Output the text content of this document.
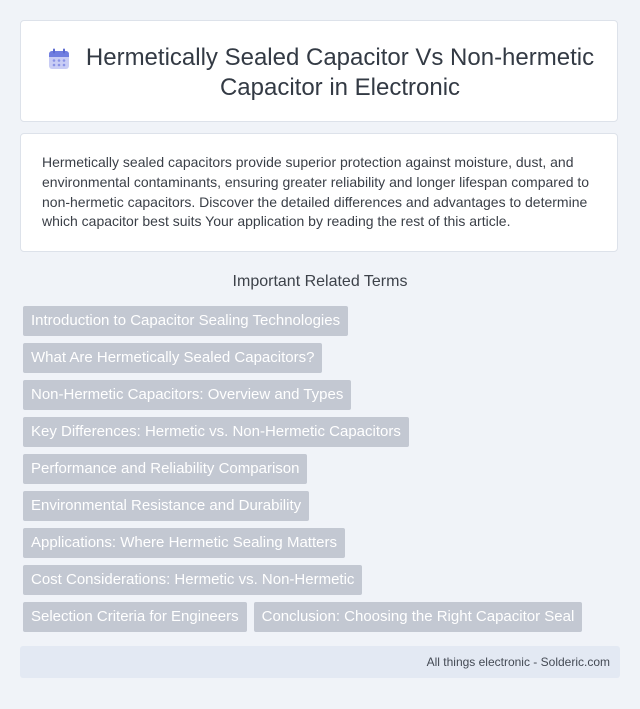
Hermetically Sealed Capacitor Vs Non-hermetic Capacitor in Electronic

Hermetically sealed capacitors provide superior protection against moisture, dust, and environmental contaminants, ensuring greater reliability and longer lifespan compared to non-hermetic capacitors. Discover the detailed differences and advantages to determine which capacitor best suits Your application by reading the rest of this article.

Important Related Terms
Introduction to Capacitor Sealing Technologies
What Are Hermetically Sealed Capacitors?
Non-Hermetic Capacitors: Overview and Types
Key Differences: Hermetic vs. Non-Hermetic Capacitors
Performance and Reliability Comparison
Environmental Resistance and Durability
Applications: Where Hermetic Sealing Matters
Cost Considerations: Hermetic vs. Non-Hermetic
Selection Criteria for Engineers	Conclusion: Choosing the Right Capacitor Seal
All things electronic - Solderic.com
